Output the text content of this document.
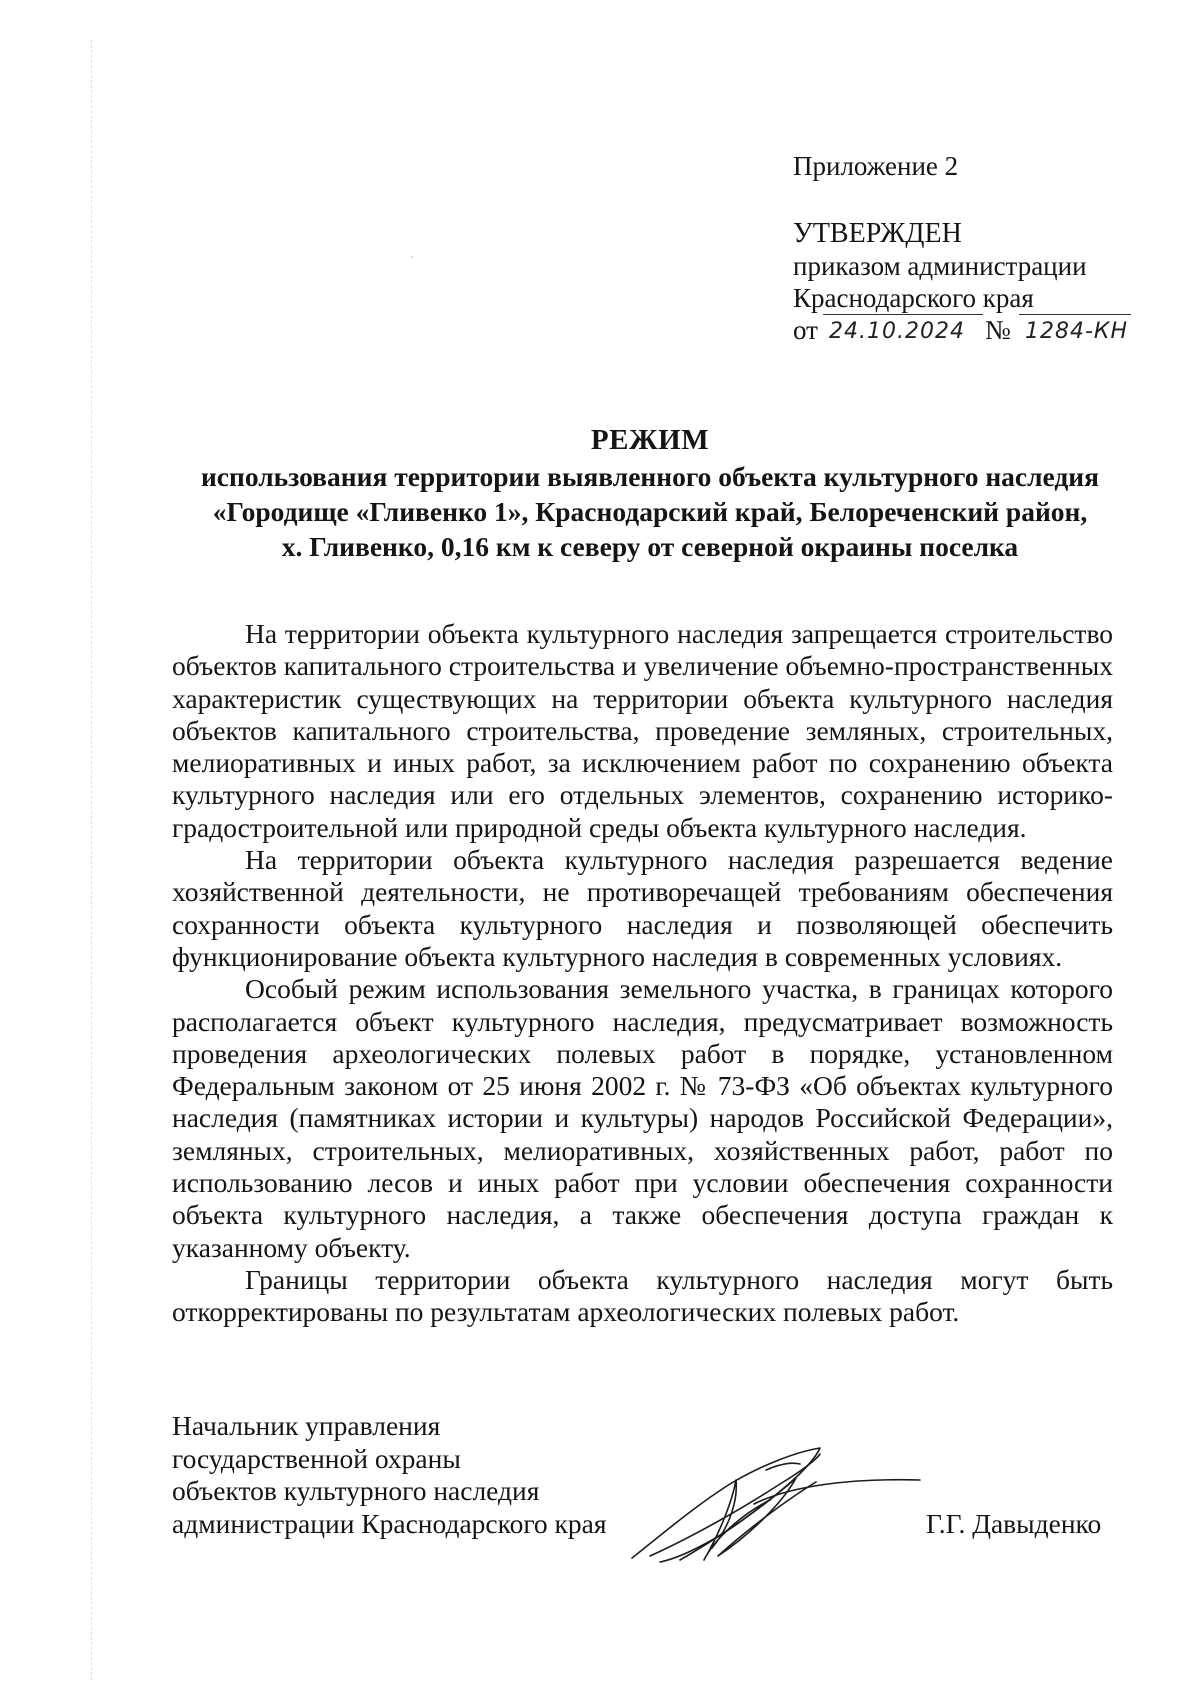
Приложение 2
УТВЕРЖДЕН
приказом администрации
Краснодарского края
от 24.10.2024 № 1284-КН
РЕЖИМ
использования территории выявленного объекта культурного наследия
«Городище «Гливенко 1», Краснодарский край, Белореченский район,
х. Гливенко, 0,16 км к северу от северной окраины поселка

На территории объекта культурного наследия запрещается строительство объектов капитального строительства и увеличение объемно-пространственных характеристик существующих на территории объекта культурного наследия объектов капитального строительства, проведение земляных, строительных, мелиоративных и иных работ, за исключением работ по сохранению объекта культурного наследия или его отдельных элементов, сохранению историко-градостроительной или природной среды объекта культурного наследия.

На территории объекта культурного наследия разрешается ведение хозяйственной деятельности, не противоречащей требованиям обеспечения сохранности объекта культурного наследия и позволяющей обеспечить функционирование объекта культурного наследия в современных условиях.

Особый режим использования земельного участка, в границах которого располагается объект культурного наследия, предусматривает возможность проведения археологических полевых работ в порядке, установленном Федеральным законом от 25 июня 2002 г. № 73-ФЗ «Об объектах культурного наследия (памятниках истории и культуры) народов Российской Федерации», земляных, строительных, мелиоративных, хозяйственных работ, работ по использованию лесов и иных работ при условии обеспечения сохранности объекта культурного наследия, а также обеспечения доступа граждан к указанному объекту.

Границы территории объекта культурного наследия могут быть откорректированы по результатам археологических полевых работ.

Начальник управления
государственной охраны
объектов культурного наследия
администрации Краснодарского края	Г.Г. Давыденко
